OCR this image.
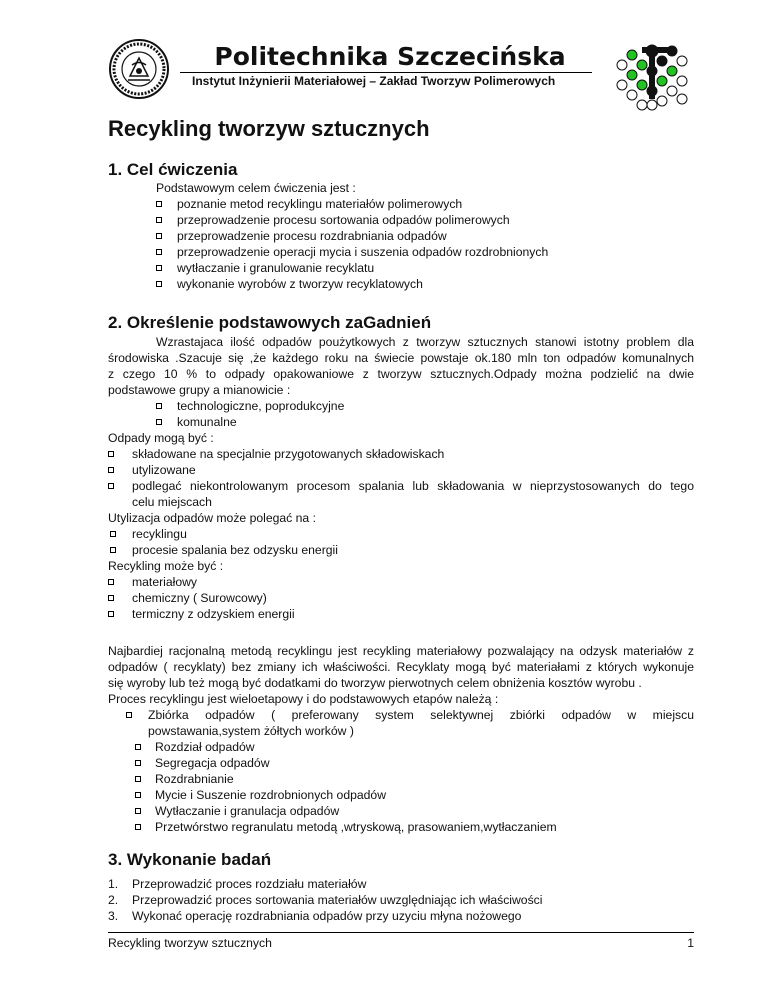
Politechnika Szczecińska
Instytut Inżynierii Materiałowej – Zakład Tworzyw Polimerowych
Recykling tworzyw sztucznych
1. Cel ćwiczenia
Podstawowym celem ćwiczenia jest :
poznanie metod recyklingu materiałów polimerowych
przeprowadzenie procesu sortowania odpadów polimerowych
przeprowadzenie procesu rozdrabniania odpadów
przeprowadzenie operacji mycia i suszenia odpadów rozdrobnionych
wytłaczanie i granulowanie recyklatu
wykonanie wyrobów z tworzyw recyklatowych
2. Określenie podstawowych zaGadnień
Wzrastajaca ilość odpadów poużytkowych z tworzyw sztucznych stanowi istotny problem dla
środowiska .Szacuje się ,że każdego roku na świecie powstaje ok.180 mln ton odpadów komunalnych
z czego 10 % to odpady opakowaniowe z tworzyw sztucznych.Odpady można podzielić na dwie
podstawowe grupy a mianowicie :
technologiczne, poprodukcyjne
komunalne
Odpady mogą być :
składowane na specjalnie przygotowanych składowiskach
utylizowane
podlegać niekontrolowanym procesom spalania lub składowania w nieprzystosowanych do tego
celu miejscach
Utylizacja odpadów może polegać na :
recyklingu
procesie spalania bez odzysku energii
Recykling może być :
materiałowy
chemiczny ( Surowcowy)
termiczny z odzyskiem energii
Najbardiej racjonalną metodą recyklingu jest recykling materiałowy pozwalający na odzysk materiałów z
odpadów ( recyklaty) bez zmiany ich właściwości. Recyklaty mogą być materiałami z których wykonuje
się wyroby lub też mogą być dodatkami do tworzyw pierwotnych celem obniżenia kosztów wyrobu .
Proces recyklingu jest wieloetapowy i do podstawowych etapów należą :
Zbiórka odpadów ( preferowany system selektywnej zbiórki odpadów w miejscu
powstawania,system żółtych worków )
Rozdział odpadów
Segregacja odpadów
Rozdrabnianie
Mycie i Suszenie rozdrobnionych odpadów
Wytłaczanie i granulacja odpadów
Przetwórstwo regranulatu metodą ,wtryskową, prasowaniem,wytłaczaniem
3. Wykonanie badań
1. Przeprowadzić proces rozdziału materiałów
2. Przeprowadzić proces sortowania materiałów uwzględniając ich właściwości
3. Wykonać operację rozdrabniania odpadów przy uzyciu młyna nożowego
Recykling tworzyw sztucznych	1
